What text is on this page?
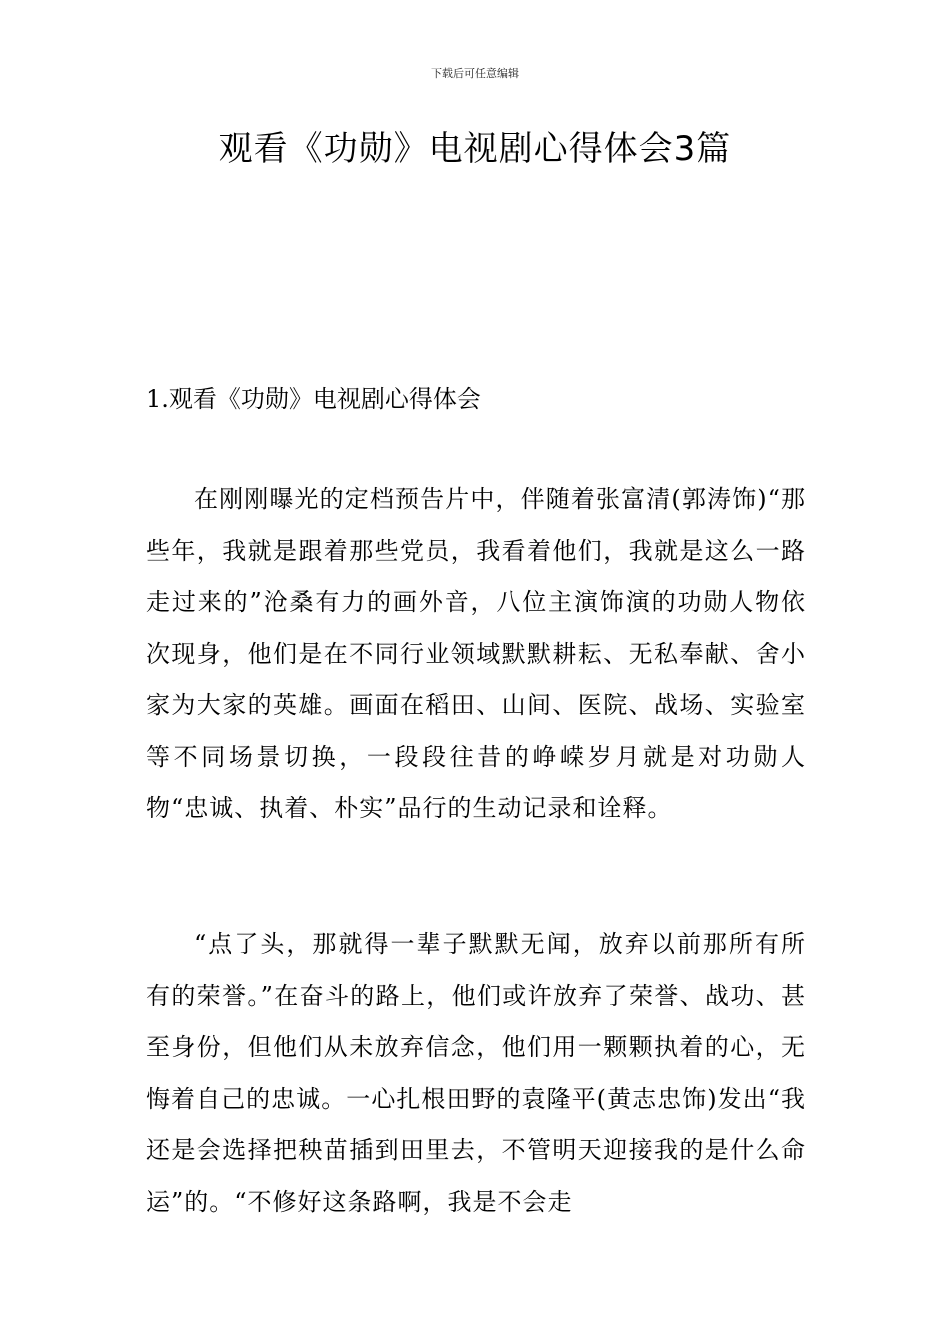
下载后可任意编辑
观看《功勋》电视剧心得体会3篇
1.观看《功勋》电视剧心得体会

在刚刚曝光的定档预告片中，伴随着张富清(郭涛饰)“那些年，我就是跟着那些党员，我看着他们，我就是这么一路走过来的”沧桑有力的画外音，八位主演饰演的功勋人物依次现身，他们是在不同行业领域默默耕耘、无私奉献、舍小家为大家的英雄。画面在稻田、山间、医院、战场、实验室等不同场景切换，一段段往昔的峥嵘岁月就是对功勋人物“忠诚、执着、朴实”品行的生动记录和诠释。

“点了头，那就得一辈子默默无闻，放弃以前那所有所有的荣誉。”在奋斗的路上，他们或许放弃了荣誉、战功、甚至身份，但他们从未放弃信念，他们用一颗颗执着的心，无悔着自己的忠诚。一心扎根田野的袁隆平(黄志忠饰)发出“我还是会选择把秧苗插到田里去，不管明天迎接我的是什么命运”的。“不修好这条路啊，我是不会走
